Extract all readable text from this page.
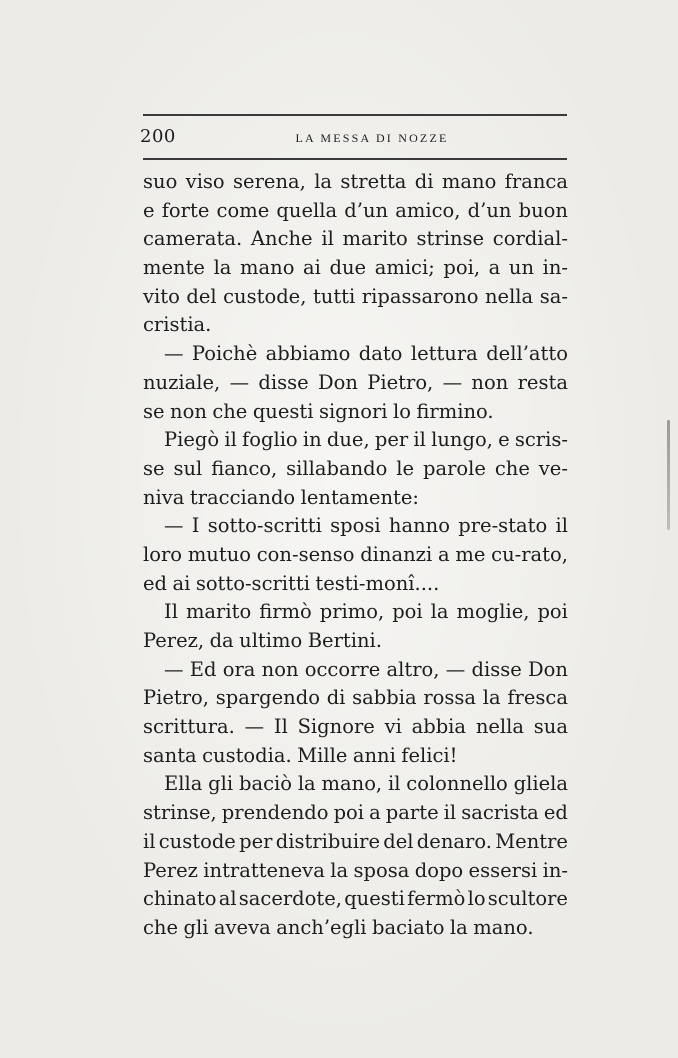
200	LA MESSA DI NOZZE
suo viso serena, la stretta di mano franca
e forte come quella d’un amico, d’un buon
camerata. Anche il marito strinse cordial-
mente la mano ai due amici; poi, a un in-
vito del custode, tutti ripassarono nella sa-
cristia.
— Poichè abbiamo dato lettura dell’atto
nuziale, — disse Don Pietro, — non resta
se non che questi signori lo firmino.
Piegò il foglio in due, per il lungo, e scris-
se sul fianco, sillabando le parole che ve-
niva tracciando lentamente:
— I sotto-scritti sposi hanno pre-stato il
loro mutuo con-senso dinanzi a me cu-rato,
ed ai sotto-scritti testi-monî....
Il marito firmò primo, poi la moglie, poi
Perez, da ultimo Bertini.
— Ed ora non occorre altro, — disse Don
Pietro, spargendo di sabbia rossa la fresca
scrittura. — Il Signore vi abbia nella sua
santa custodia. Mille anni felici!
Ella gli baciò la mano, il colonnello gliela
strinse, prendendo poi a parte il sacrista ed
il custode per distribuire del denaro. Mentre
Perez intratteneva la sposa dopo essersi in-
chinato al sacerdote, questi fermò lo scultore
che gli aveva anch’egli baciato la mano.
